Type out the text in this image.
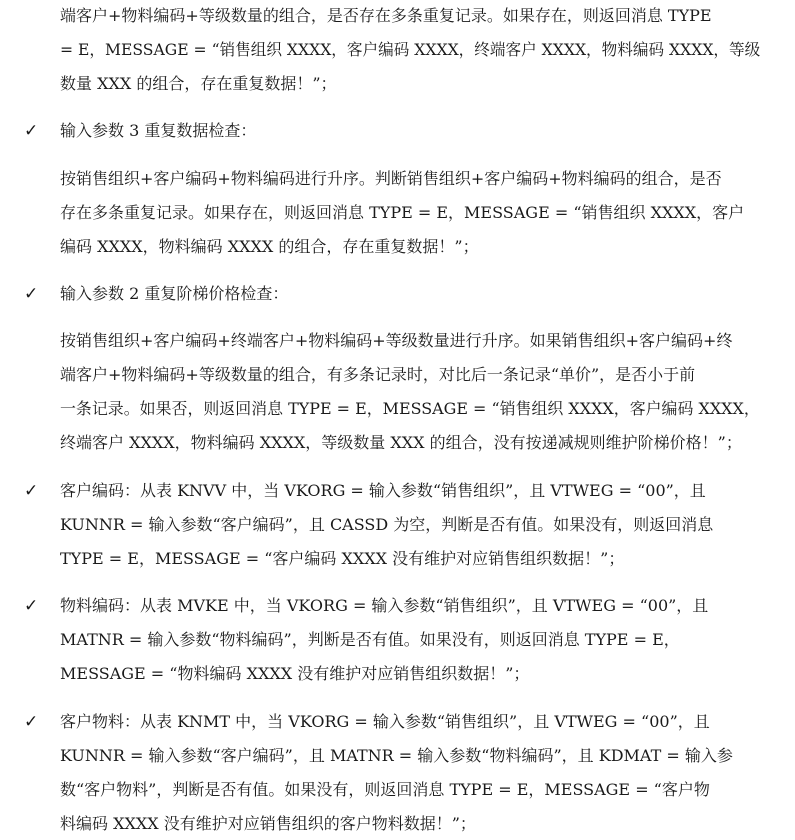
端客户+物料编码+等级数量的组合，是否存在多条重复记录。如果存在，则返回消息 TYPE
= E，MESSAGE = “销售组织 XXXX，客户编码 XXXX，终端客户 XXXX，物料编码 XXXX，等级
数量 XXX 的组合，存在重复数据！”；
✓ 输入参数 3 重复数据检查：
按销售组织+客户编码+物料编码进行升序。判断销售组织+客户编码+物料编码的组合，是否
存在多条重复记录。如果存在，则返回消息 TYPE = E，MESSAGE = “销售组织 XXXX，客户
编码 XXXX，物料编码 XXXX 的组合，存在重复数据！”；
✓ 输入参数 2 重复阶梯价格检查：
按销售组织+客户编码+终端客户+物料编码+等级数量进行升序。如果销售组织+客户编码+终
端客户+物料编码+等级数量的组合，有多条记录时，对比后一条记录“单价”，是否小于前
一条记录。如果否，则返回消息 TYPE = E，MESSAGE = “销售组织 XXXX，客户编码 XXXX，
终端客户 XXXX，物料编码 XXXX，等级数量 XXX 的组合，没有按递减规则维护阶梯价格！”；
✓ 客户编码：从表 KNVV 中，当 VKORG = 输入参数“销售组织”，且 VTWEG = “00”，且
KUNNR = 输入参数“客户编码”，且 CASSD 为空，判断是否有值。如果没有，则返回消息
TYPE = E，MESSAGE = “客户编码 XXXX 没有维护对应销售组织数据！”；
✓ 物料编码：从表 MVKE 中，当 VKORG = 输入参数“销售组织”，且 VTWEG = “00”，且
MATNR = 输入参数“物料编码”，判断是否有值。如果没有，则返回消息 TYPE = E，
MESSAGE = “物料编码 XXXX 没有维护对应销售组织数据！”；
✓ 客户物料：从表 KNMT 中，当 VKORG = 输入参数“销售组织”，且 VTWEG = “00”，且
KUNNR = 输入参数“客户编码”，且 MATNR = 输入参数“物料编码”，且 KDMAT = 输入参
数“客户物料”，判断是否有值。如果没有，则返回消息 TYPE = E，MESSAGE = “客户物
料编码 XXXX 没有维护对应销售组织的客户物料数据！”；
